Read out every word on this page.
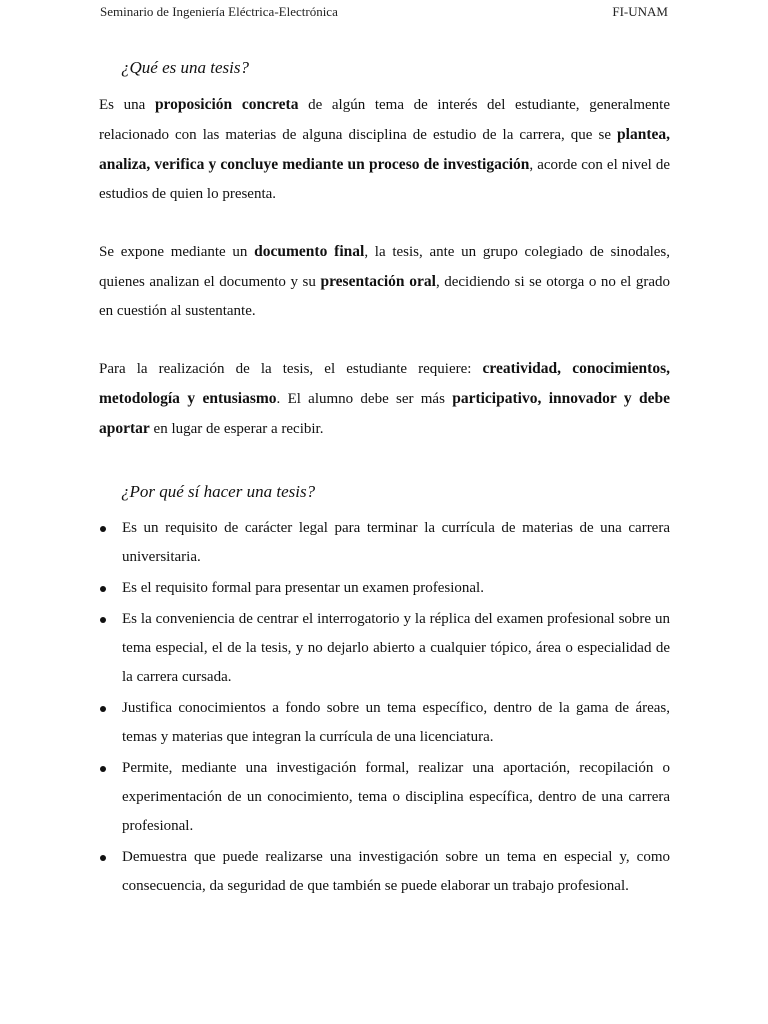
Seminario de Ingeniería Eléctrica-Electrónica	FI-UNAM
¿Qué es una tesis?

Es una proposición concreta de algún tema de interés del estudiante, generalmente relacionado con las materias de alguna disciplina de estudio de la carrera, que se plantea, analiza, verifica y concluye mediante un proceso de investigación, acorde con el nivel de estudios de quien lo presenta.

Se expone mediante un documento final, la tesis, ante un grupo colegiado de sinodales, quienes analizan el documento y su presentación oral, decidiendo si se otorga o no el grado en cuestión al sustentante.

Para la realización de la tesis, el estudiante requiere: creatividad, conocimientos, metodología y entusiasmo. El alumno debe ser más participativo, innovador y debe aportar en lugar de esperar a recibir.

¿Por qué sí hacer una tesis?
Es un requisito de carácter legal para terminar la currícula de materias de una carrera universitaria.
Es el requisito formal para presentar un examen profesional.
Es la conveniencia de centrar el interrogatorio y la réplica del examen profesional sobre un tema especial, el de la tesis, y no dejarlo abierto a cualquier tópico, área o especialidad de la carrera cursada.
Justifica conocimientos a fondo sobre un tema específico, dentro de la gama de áreas, temas y materias que integran la currícula de una licenciatura.
Permite, mediante una investigación formal, realizar una aportación, recopilación o experimentación de un conocimiento, tema o disciplina específica, dentro de una carrera profesional.
Demuestra que puede realizarse una investigación sobre un tema en especial y, como consecuencia, da seguridad de que también se puede elaborar un trabajo profesional.
